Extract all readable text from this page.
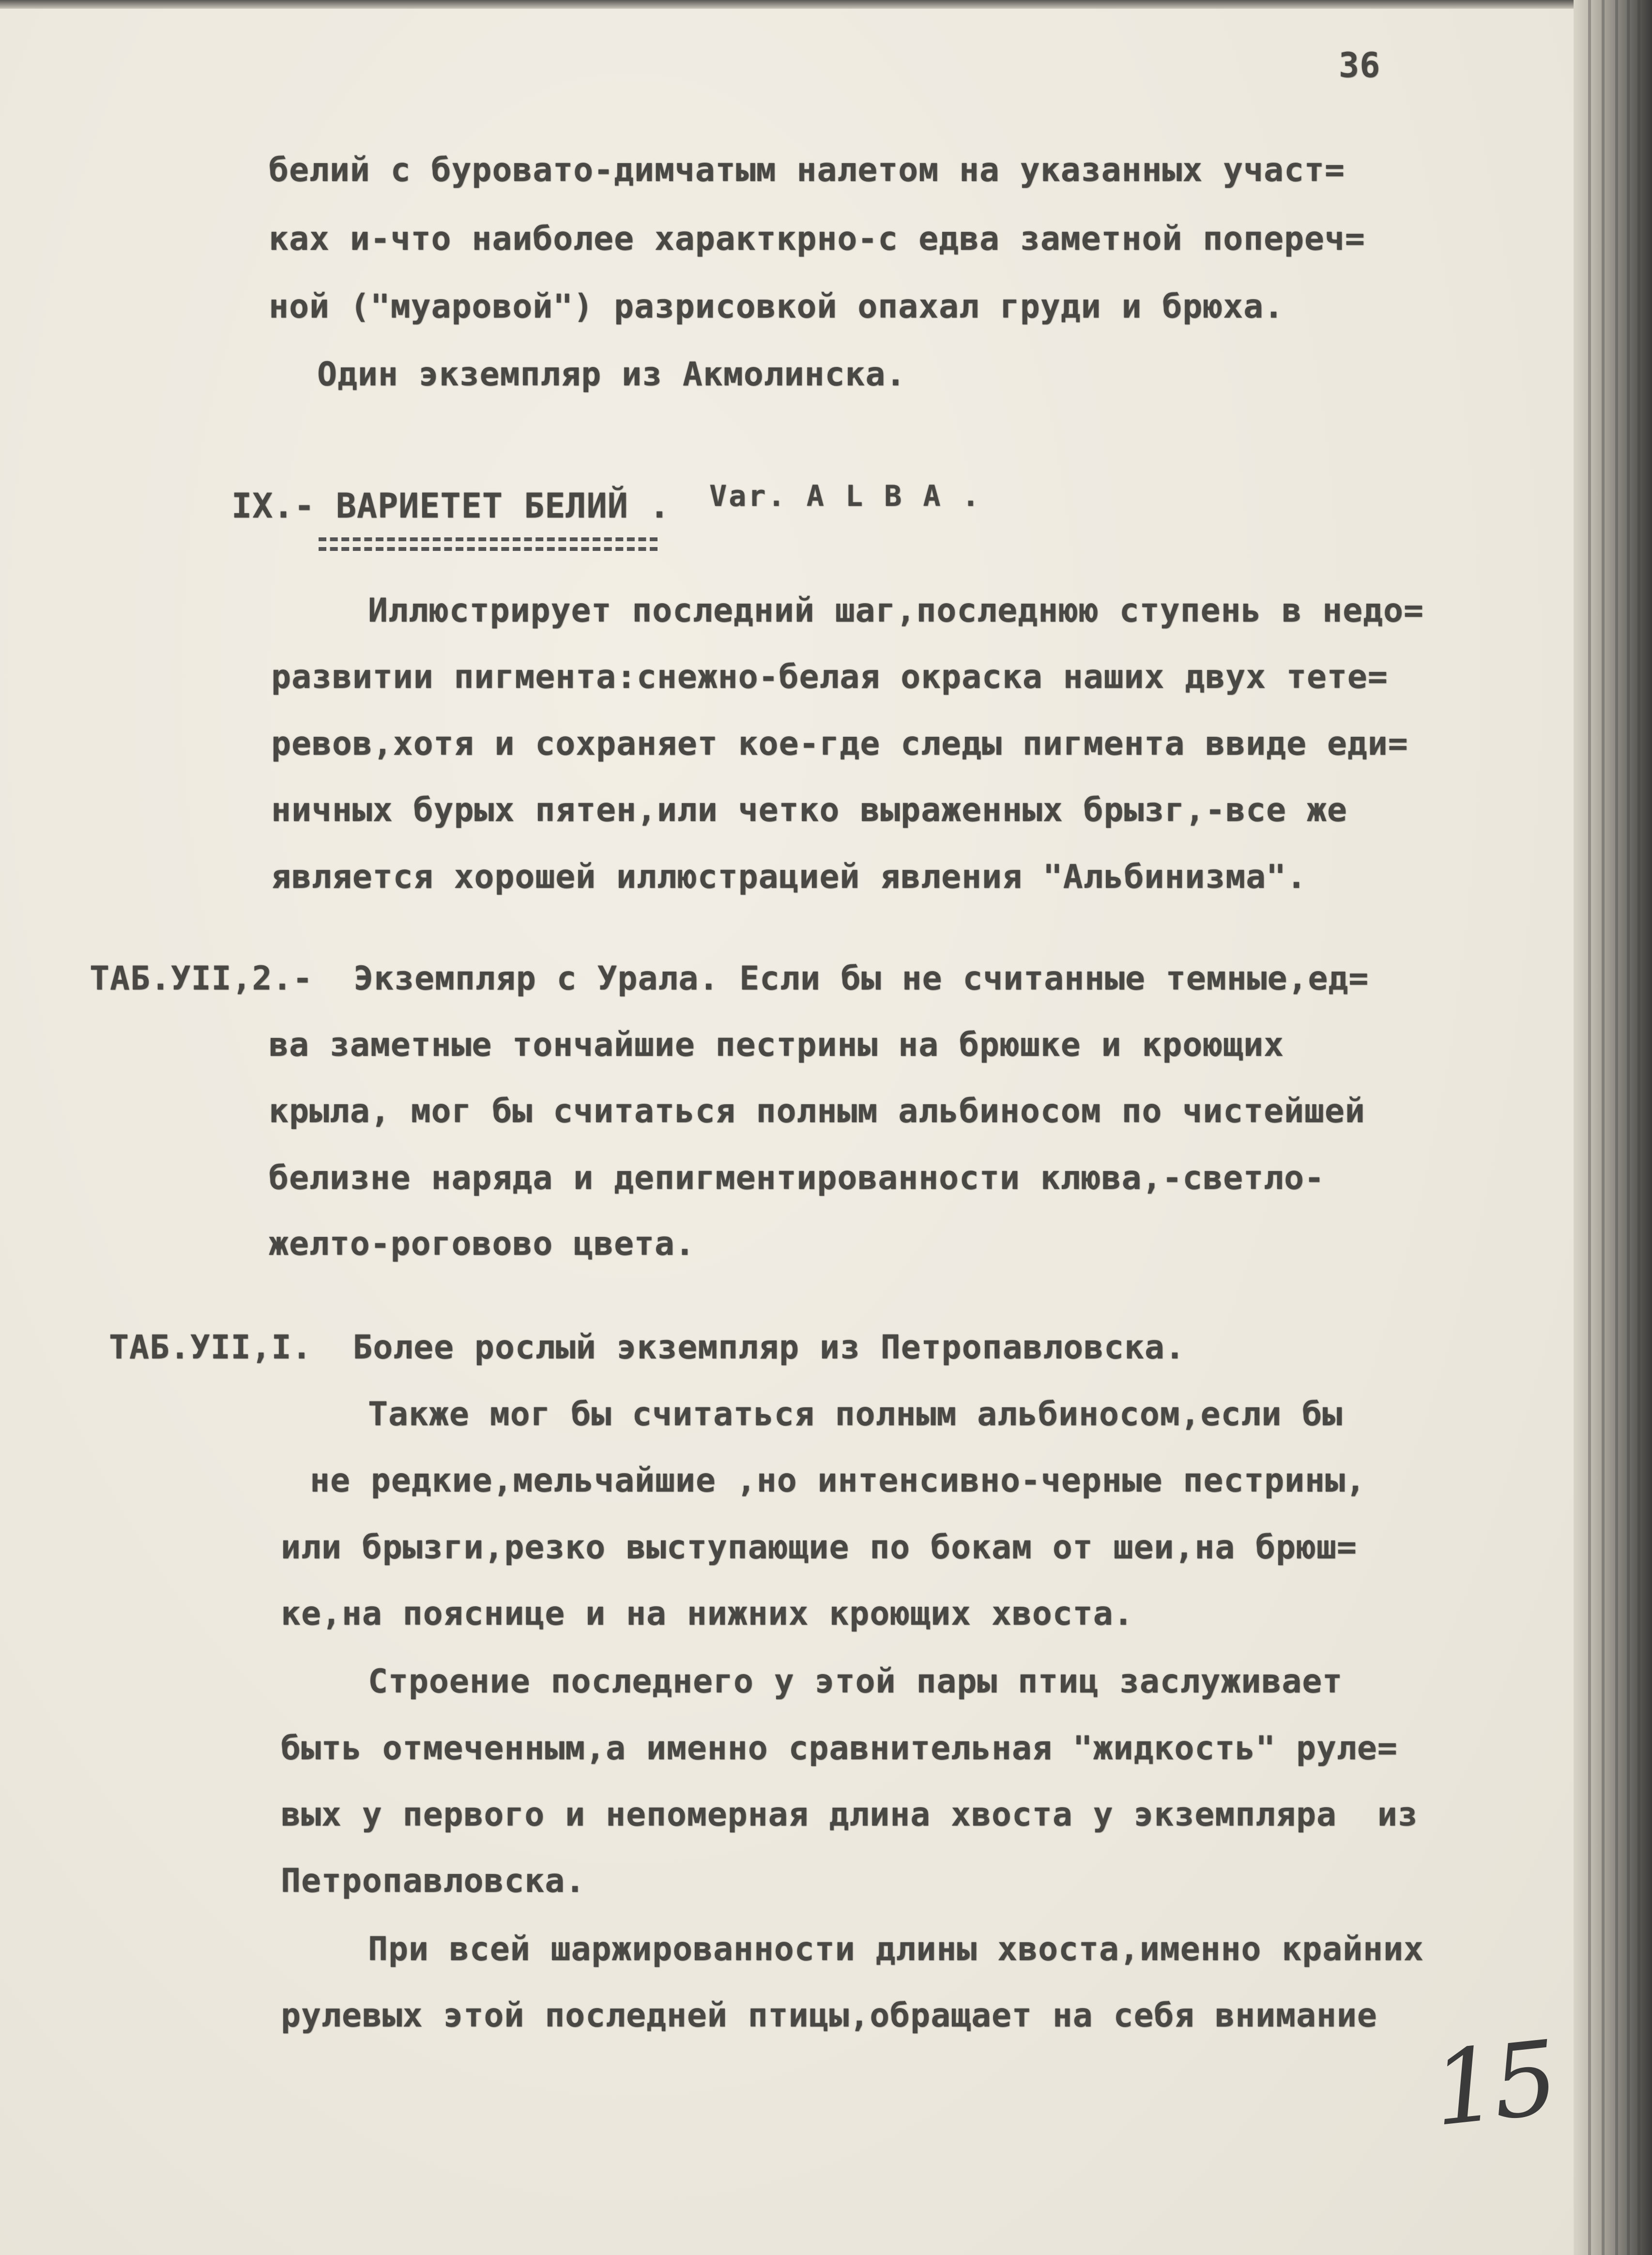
36
белий с буровато-димчатым налетом на указанных участ=
ках и-что наиболее характкрно-с едва заметной попереч=
ной ("муаровой") разрисовкой опахал груди и брюха.
Один экземпляр из Акмолинска.
IX.- ВАРИЕТЕТ БЕЛИЙ . Var. A L B A .
Иллюстрирует последний шаг,последнюю ступень в недо=
развитии пигмента:снежно-белая окраска наших двух тете=
ревов,хотя и сохраняет кое-где следы пигмента ввиде еди=
ничных бурых пятен,или четко выраженных брызг,-все же
является хорошей иллюстрацией явления "Альбинизма".
ТАБ.УII,2.-  Экземпляр с Урала. Если бы не считанные темные,ед=
ва заметные тончайшие пестрины на брюшке и кроющих
крыла, мог бы считаться полным альбиносом по чистейшей
белизне наряда и депигментированности клюва,-светло-
желто-роговово цвета.
ТАБ.УII,I.  Более рослый экземпляр из Петропавловска.
Также мог бы считаться полным альбиносом,если бы
не редкие,мельчайшие ,но интенсивно-черные пестрины,
или брызги,резко выступающие по бокам от шеи,на брюш=
ке,на пояснице и на нижних кроющих хвоста.
Строение последнего у этой пары птиц заслуживает
быть отмеченным,а именно сравнительная "жидкость" руле=
вых у первого и непомерная длина хвоста у экземпляра  из
Петропавловска.
При всей шаржированности длины хвоста,именно крайних
рулевых этой последней птицы,обращает на себя внимание
15
